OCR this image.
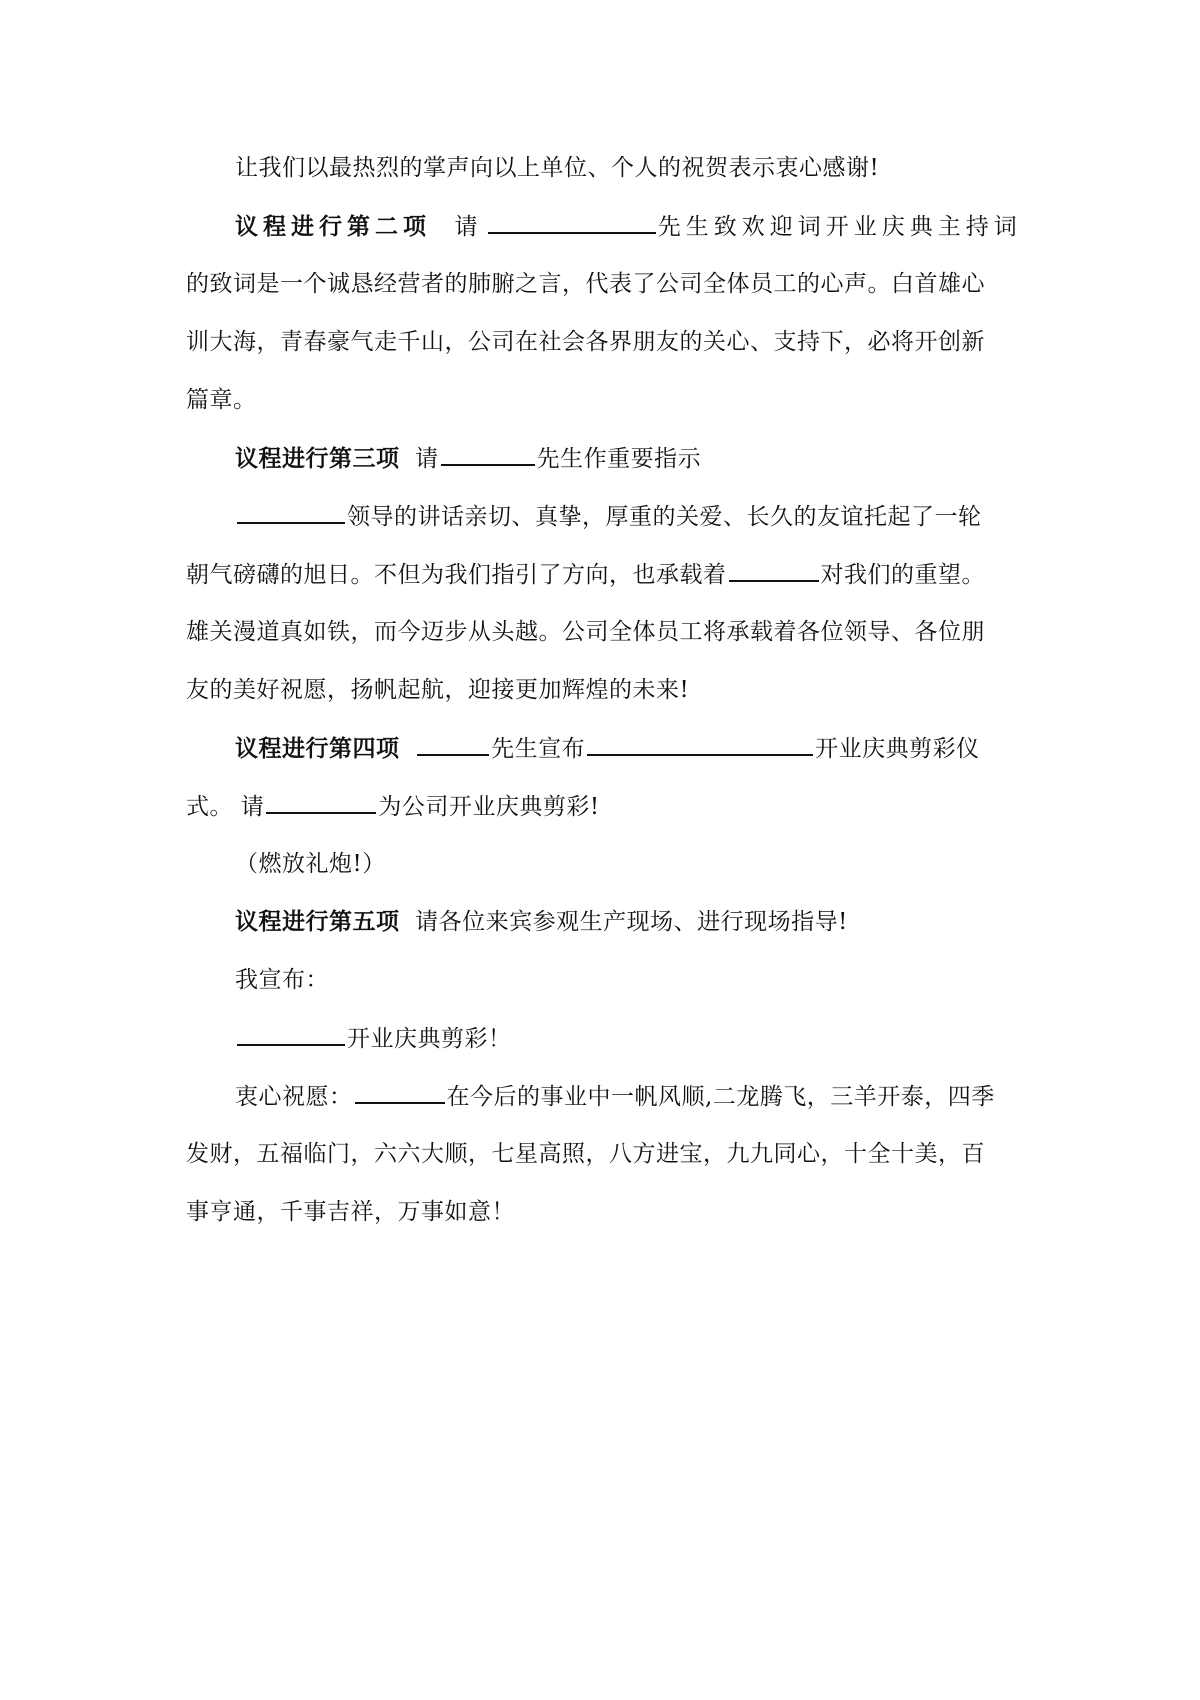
让我们以最热烈的掌声向以上单位、个人的祝贺表示衷心感谢!
议程进行第二项 请	先生致欢迎词开业庆典主持词
的致词是一个诚恳经营者的肺腑之言，代表了公司全体员工的心声。白首雄心
训大海，青春豪气走千山，公司在社会各界朋友的关心、支持下，必将开创新
篇章。
议程进行第三项 请	先生作重要指示
领导的讲话亲切、真挚，厚重的关爱、长久的友谊托起了一轮
朝气磅礴的旭日。不但为我们指引了方向，也承载着	对我们的重望。
雄关漫道真如铁，而今迈步从头越。公司全体员工将承载着各位领导、各位朋
友的美好祝愿，扬帆起航，迎接更加辉煌的未来!
议程进行第四项	先生宣布	开业庆典剪彩仪
式。 请	为公司开业庆典剪彩!
（燃放礼炮!）
议程进行第五项 请各位来宾参观生产现场、进行现场指导!
我宣布：
开业庆典剪彩！
衷心祝愿：	在今后的事业中一帆风顺,二龙腾飞，三羊开泰，四季
发财，五福临门，六六大顺，七星高照，八方进宝，九九同心，十全十美，百
事亨通，千事吉祥，万事如意！
